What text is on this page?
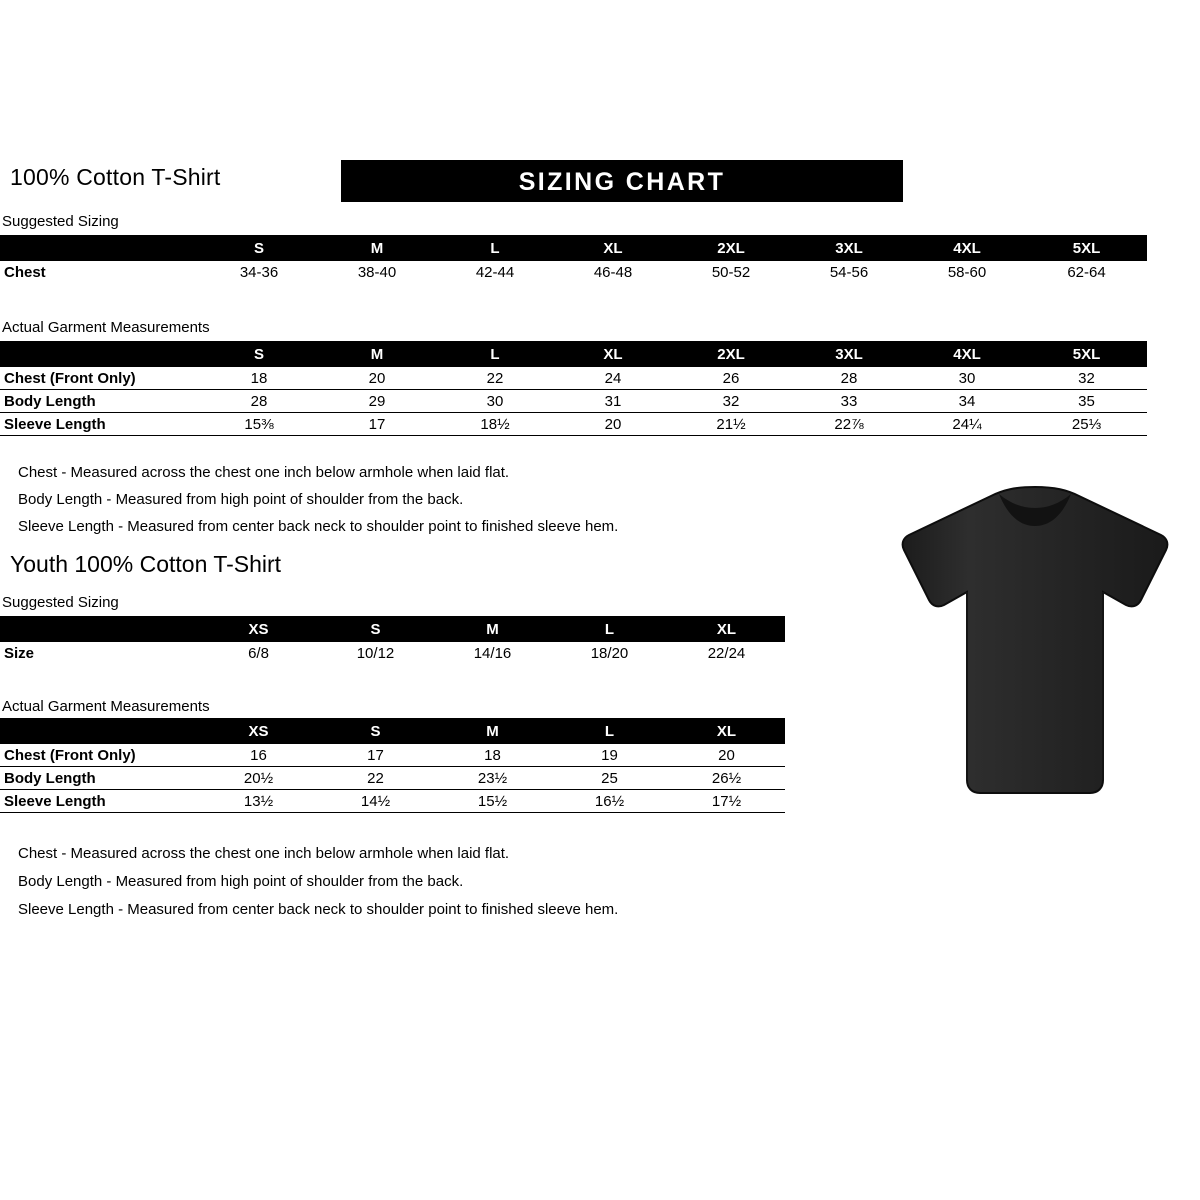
100% Cotton T-Shirt	SIZING CHART
Suggested Sizing
	S	M	L	XL	2XL	3XL	4XL	5XL
Chest	34-36	38-40	42-44	46-48	50-52	54-56	58-60	62-64
Actual Garment Measurements
	S	M	L	XL	2XL	3XL	4XL	5XL
Chest (Front Only)	18	20	22	24	26	28	30	32

Body Length	28	29	30	31	32	33	34	35

Sleeve Length	15⅜	17	18½	20	21½	22⅞	24¼	25⅓

Chest - Measured across the chest one inch below armhole when laid flat.
Body Length - Measured from high point of shoulder from the back.
Sleeve Length - Measured from center back neck to shoulder point to finished sleeve hem.
Youth 100% Cotton T-Shirt
Suggested Sizing
	XS	S	M	L	XL
Size	6/8	10/12	14/16	18/20	22/24
Actual Garment Measurements
	XS	S	M	L	XL
Chest (Front Only)	16	17	18	19	20

Body Length	20½	22	23½	25	26½

Sleeve Length	13½	14½	15½	16½	17½

Chest - Measured across the chest one inch below armhole when laid flat.
Body Length - Measured from high point of shoulder from the back.
Sleeve Length - Measured from center back neck to shoulder point to finished sleeve hem.
